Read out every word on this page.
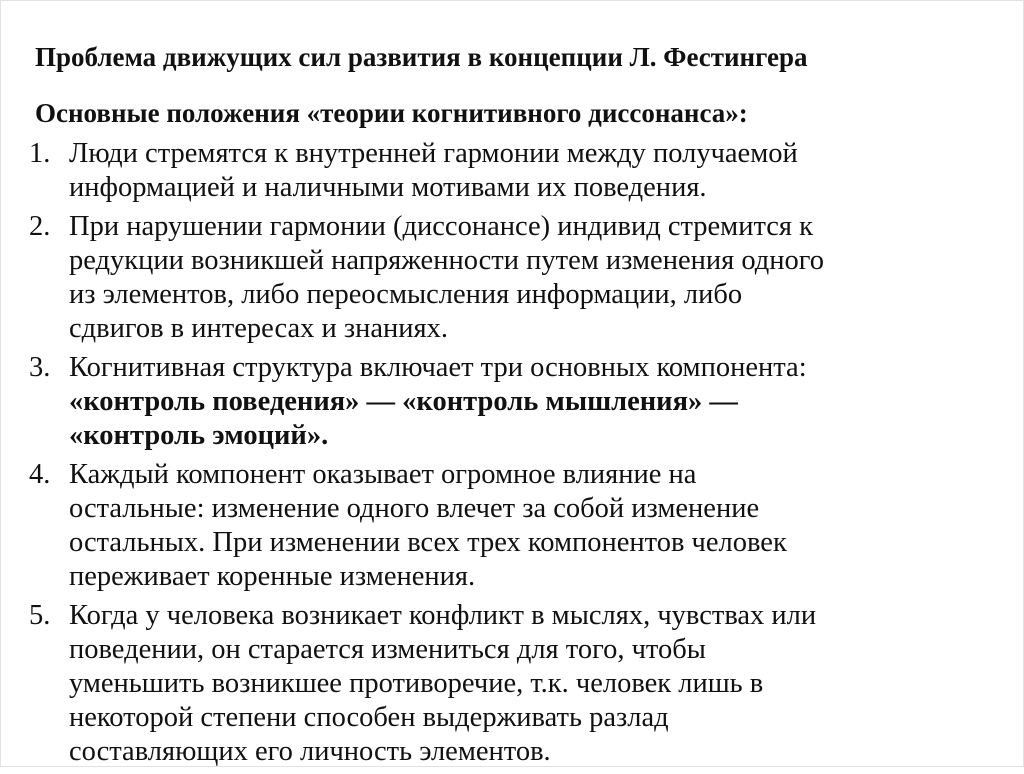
Проблема движущих сил развития в концепции Л. Фестингера
Основные положения «теории когнитивного диссонанса»:
1. Люди стремятся к внутренней гармонии между получаемой
информацией и наличными мотивами их поведения.
2. При нарушении гармонии (диссонансе) индивид стремится к
редукции возникшей напряженности путем изменения одного
из элементов, либо переосмысления информации, либо
сдвигов в интересах и знаниях.
3. Когнитивная структура включает три основных компонента:
«контроль поведения» — «контроль мышления» —
«контроль эмоций».
4. Каждый компонент оказывает огромное влияние на
остальные: изменение одного влечет за собой изменение
остальных. При изменении всех трех компонентов человек
переживает коренные изменения.
5. Когда у человека возникает конфликт в мыслях, чувствах или
поведении, он старается измениться для того, чтобы
уменьшить возникшее противоречие, т.к. человек лишь в
некоторой степени способен выдерживать разлад
составляющих его личность элементов.
